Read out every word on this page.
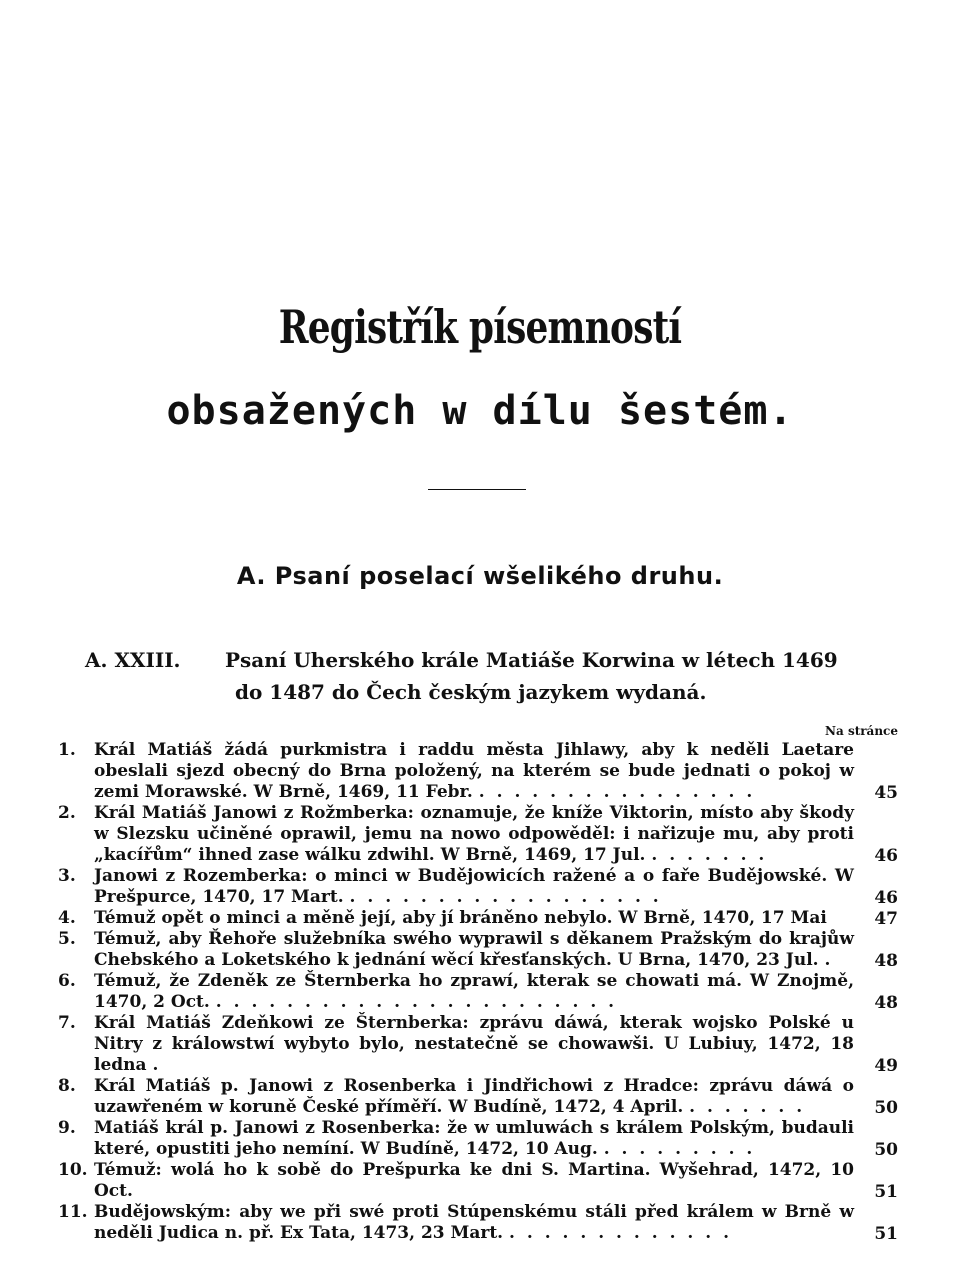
Registřík písemností
obsažených w dílu šestém.
A. Psaní poselací wšelikého druhu.
A. XXIII. Psaní Uherského krále Matiáše Korwina w létech 1469
do 1487 do Čech českým jazykem wydaná.
Na stránce
1.	Král Matiáš žádá purkmistra i raddu města Jihlawy, aby k neděli Laetare obeslali sjezd obecný do Brna položený, na kterém se bude jednati o pokoj w zemi Morawské. W Brně, 1469, 11 Febr. . . . . . . . . . . . . . . . .	45
2.	Král Matiáš Janowi z Rožmberka: oznamuje, že kníže Viktorin, místo aby škody w Slezsku učiněné oprawil, jemu na nowo odpowěděl: i nařizuje mu, aby proti „kacířům“ ihned zase wálku zdwihl. W Brně, 1469, 17 Jul. . . . . . . .	46
3.	Janowi z Rozemberka: o minci w Budějowicích ražené a o faře Budějowské. W Prešpurce, 1470, 17 Mart. . . . . . . . . . . . . . . . . . .	46
4.	Témuž opět o minci a měně její, aby jí bráněno nebylo. W Brně, 1470, 17 Mai	47
5.	Témuž, aby Řehoře služebníka swého wyprawil s děkanem Pražským do krajůw Chebského a Loketského k jednání wěcí křesťanských. U Brna, 1470, 23 Jul. .	48
6.	Témuž, že Zdeněk ze Šternberka ho zprawí, kterak se chowati má. W Znojmě, 1470, 2 Oct. . . . . . . . . . . . . . . . . . . . . . . .	48
7.	Král Matiáš Zdeňkowi ze Šternberka: zprávu dáwá, kterak wojsko Polské u Nitry z králowstwí wybyto bylo, nestatečně se chowawši. U Lubiuy, 1472, 18 ledna .	49
8.	Král Matiáš p. Janowi z Rosenberka i Jindřichowi z Hradce: zprávu dáwá o uzawřeném w koruně České příměří. W Budíně, 1472, 4 April. . . . . . . .	50
9.	Matiáš král p. Janowi z Rosenberka: že w umluwách s králem Polským, budauli které, opustiti jeho nemíní. W Budíně, 1472, 10 Aug. . . . . . . . . .	50
10. Témuž: wolá ho k sobě do Prešpurka ke dni S. Martina. Wyšehrad, 1472, 10 Oct.	51
11. Budějowským: aby we při swé proti Stúpenskému stáli před králem w Brně w neděli Judica n. př. Ex Tata, 1473, 23 Mart. . . . . . . . . . . . . .	51
